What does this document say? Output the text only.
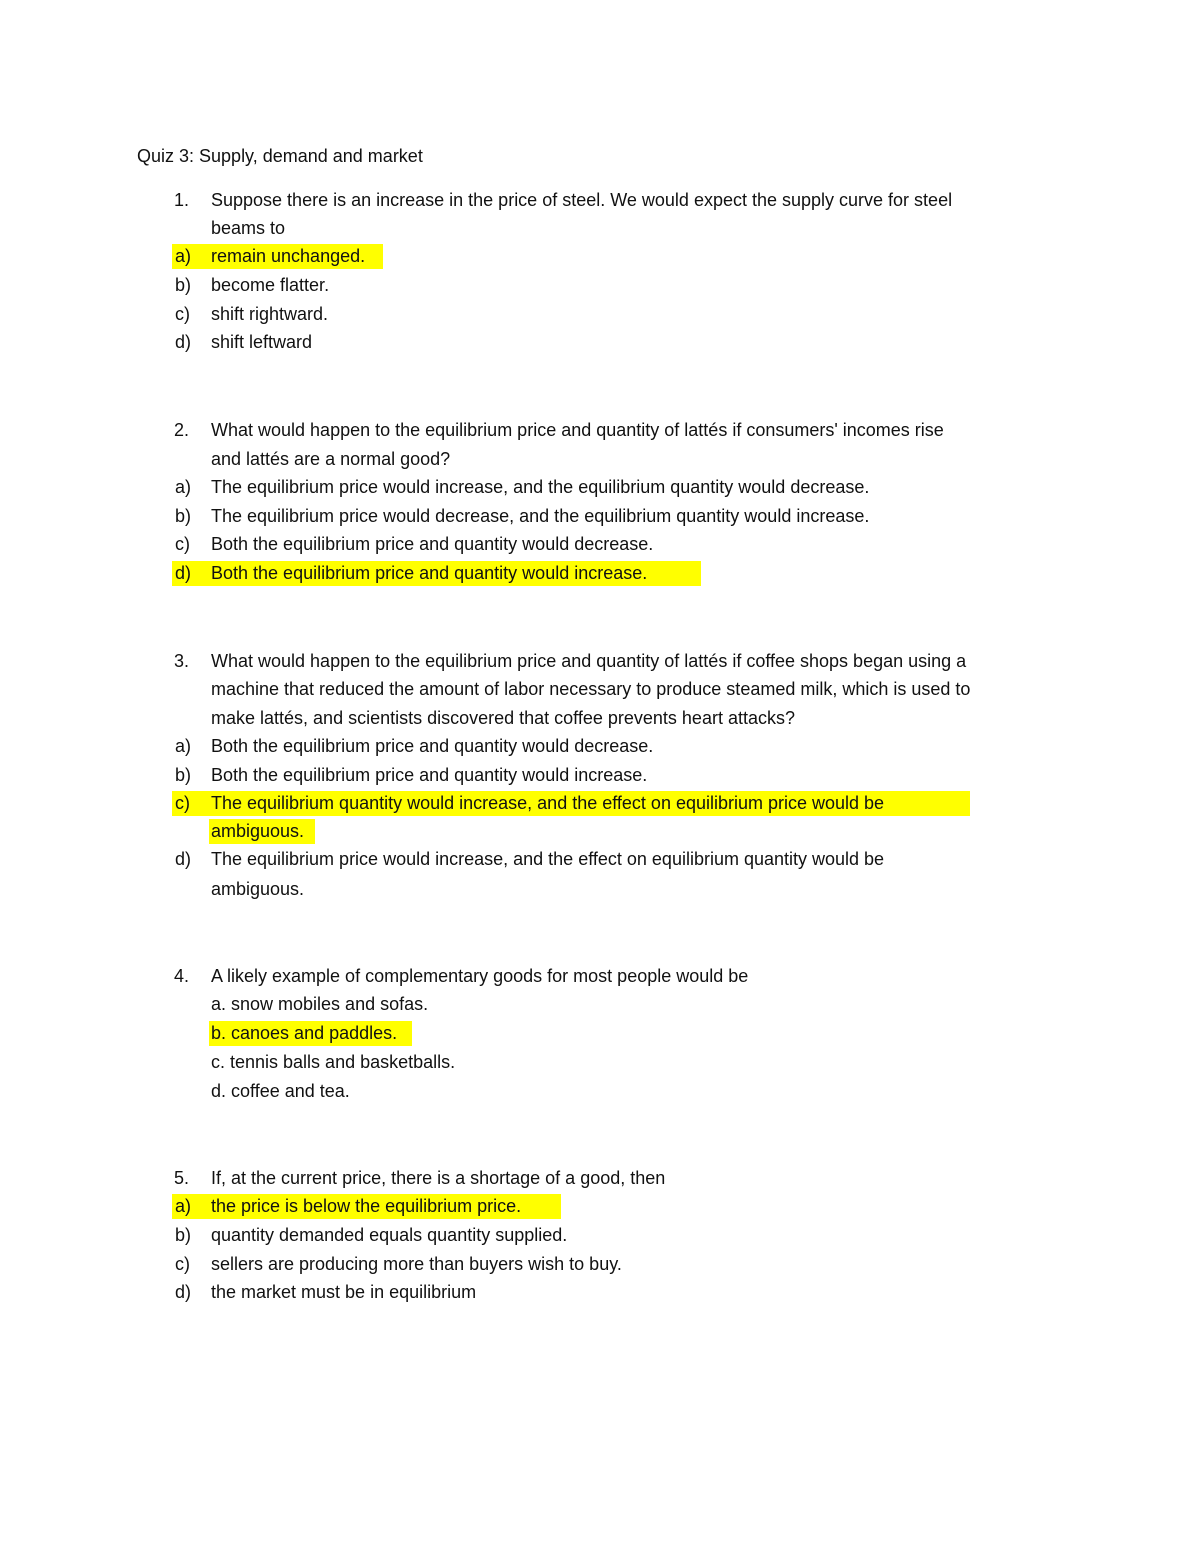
Quiz 3: Supply, demand and market
1. Suppose there is an increase in the price of steel. We would expect the supply curve for steel
beams to
a) remain unchanged.
b) become flatter.
c) shift rightward.
d) shift leftward
2. What would happen to the equilibrium price and quantity of lattés if consumers' incomes rise
and lattés are a normal good?
a) The equilibrium price would increase, and the equilibrium quantity would decrease.
b) The equilibrium price would decrease, and the equilibrium quantity would increase.
c) Both the equilibrium price and quantity would decrease.
d) Both the equilibrium price and quantity would increase.
3. What would happen to the equilibrium price and quantity of lattés if coffee shops began using a
machine that reduced the amount of labor necessary to produce steamed milk, which is used to
make lattés, and scientists discovered that coffee prevents heart attacks?
a) Both the equilibrium price and quantity would decrease.
b) Both the equilibrium price and quantity would increase.
c) The equilibrium quantity would increase, and the effect on equilibrium price would be
ambiguous.
d) The equilibrium price would increase, and the effect on equilibrium quantity would be
ambiguous.
4. A likely example of complementary goods for most people would be
a. snow mobiles and sofas.
b. canoes and paddles.
c. tennis balls and basketballs.
d. coffee and tea.
5. If, at the current price, there is a shortage of a good, then
a) the price is below the equilibrium price.
b) quantity demanded equals quantity supplied.
c) sellers are producing more than buyers wish to buy.
d) the market must be in equilibrium
